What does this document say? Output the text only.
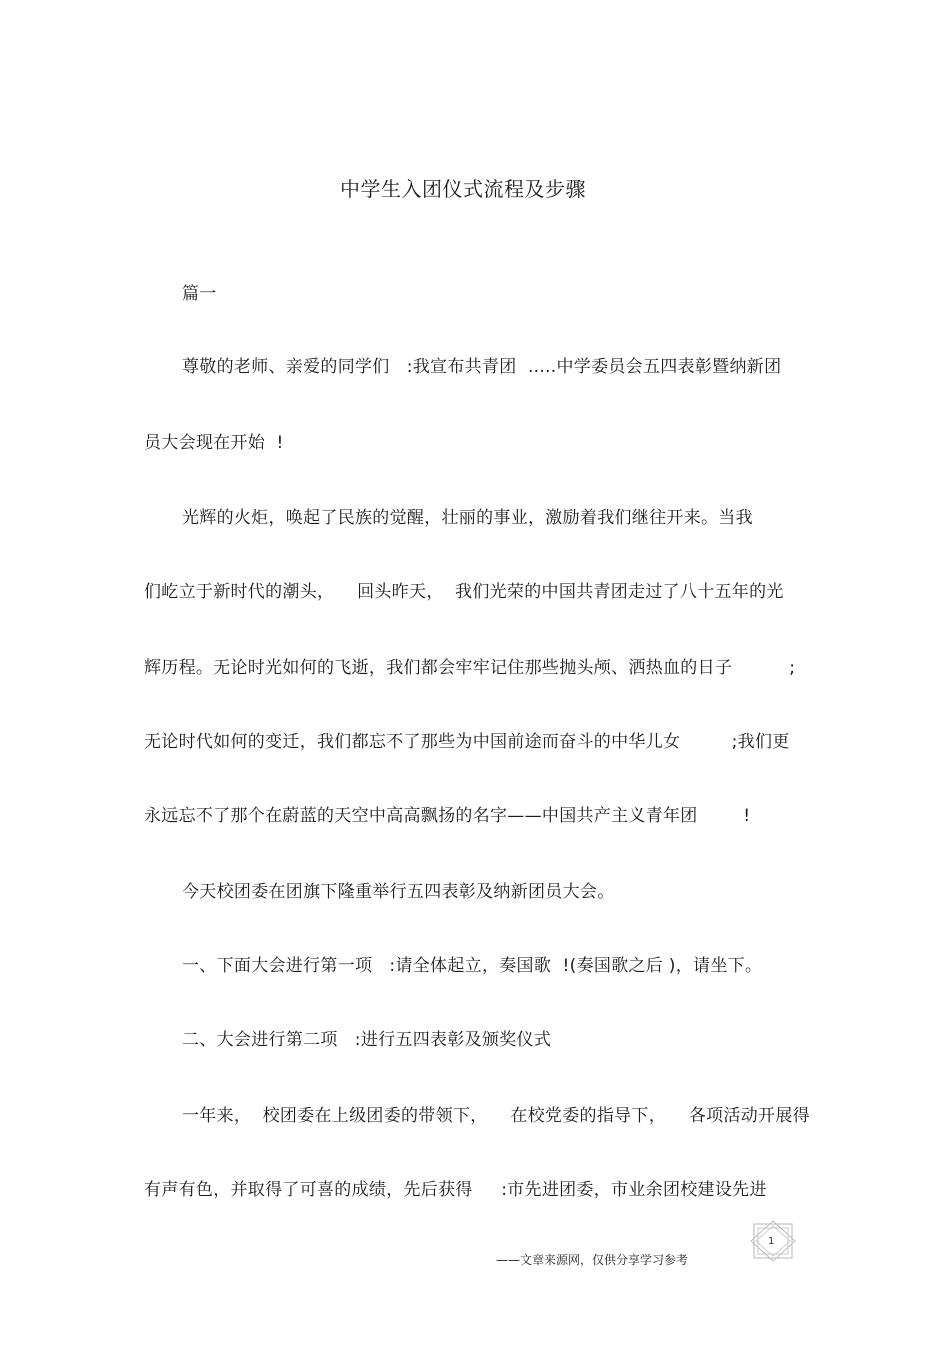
中学生入团仪式流程及步骤
篇一
尊敬的老师、亲爱的同学们   :我宣布共青团  .....中学委员会五四表彰暨纳新团
员大会现在开始  !
光辉的火炬，唤起了民族的觉醒，壮丽的事业，激励着我们继往开来。当我
们屹立于新时代的潮头，    回头昨天，  我们光荣的中国共青团走过了八十五年的光
辉历程。无论时光如何的飞逝，我们都会牢牢记住那些抛头颅、洒热血的日子          ;
无论时代如何的变迁，我们都忘不了那些为中国前途而奋斗的中华儿女         ;我们更
永远忘不了那个在蔚蓝的天空中高高飘扬的名字——中国共产主义青年团        !
今天校团委在团旗下隆重举行五四表彰及纳新团员大会。
一、下面大会进行第一项   :请全体起立，奏国歌  !(奏国歌之后 )，请坐下。
二、大会进行第二项   :进行五四表彰及颁奖仪式
一年来，  校团委在上级团委的带领下，    在校党委的指导下，    各项活动开展得
有声有色，并取得了可喜的成绩，先后获得     :市先进团委，市业余团校建设先进
——文章来源网，仅供分享学习参考
1
